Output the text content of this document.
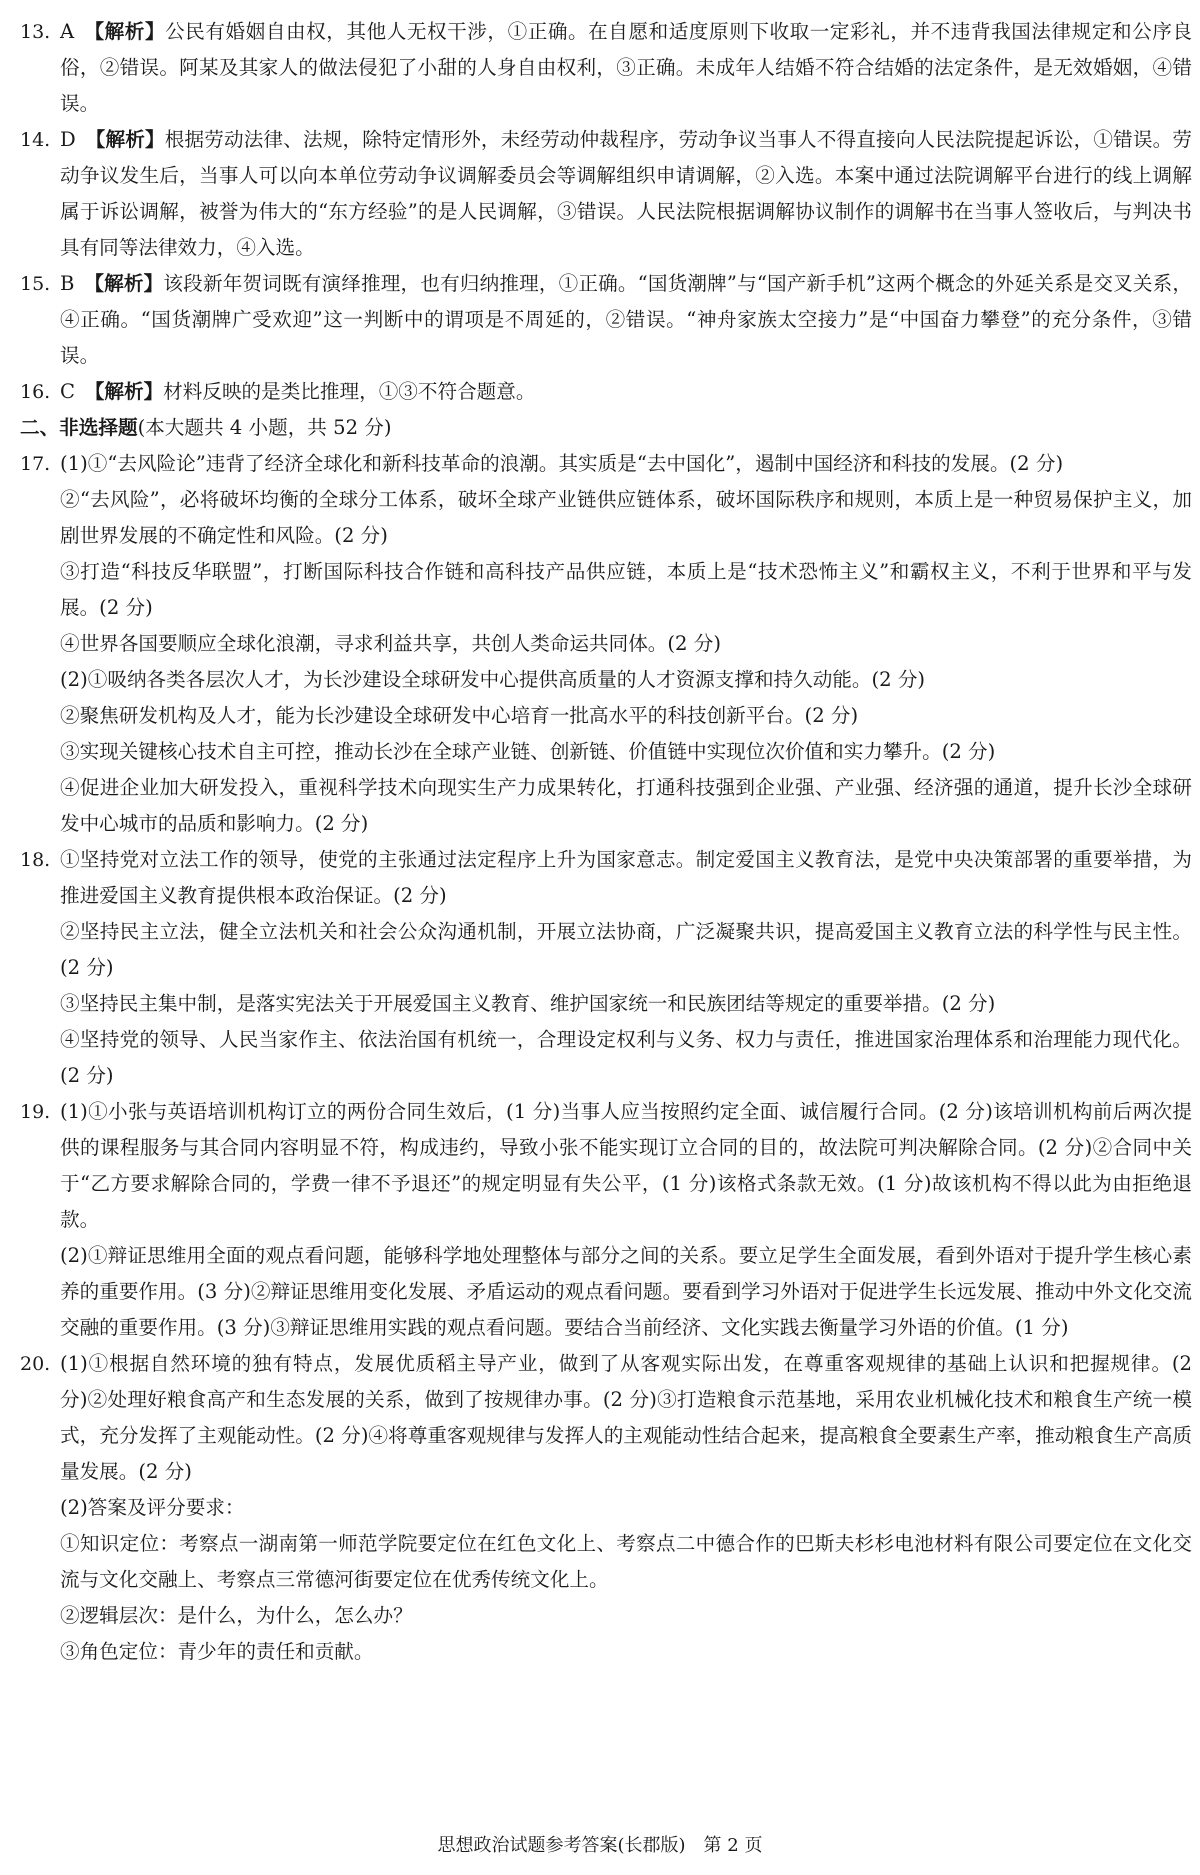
13. A  【解析】公民有婚姻自由权，其他人无权干涉，①正确。在自愿和适度原则下收取一定彩礼，并不违背我国法律规定和公序良俗，②错误。阿某及其家人的做法侵犯了小甜的人身自由权利，③正确。未成年人结婚不符合结婚的法定条件，是无效婚姻，④错误。

14. D  【解析】根据劳动法律、法规，除特定情形外，未经劳动仲裁程序，劳动争议当事人不得直接向人民法院提起诉讼，①错误。劳动争议发生后，当事人可以向本单位劳动争议调解委员会等调解组织申请调解，②入选。本案中通过法院调解平台进行的线上调解属于诉讼调解，被誉为伟大的“东方经验”的是人民调解，③错误。人民法院根据调解协议制作的调解书在当事人签收后，与判决书具有同等法律效力，④入选。

15. B  【解析】该段新年贺词既有演绎推理，也有归纳推理，①正确。“国货潮牌”与“国产新手机”这两个概念的外延关系是交叉关系，④正确。“国货潮牌广受欢迎”这一判断中的谓项是不周延的，②错误。“神舟家族太空接力”是“中国奋力攀登”的充分条件，③错误。

16. C  【解析】材料反映的是类比推理，①③不符合题意。

二、非选择题(本大题共 4 小题，共 52 分)
17. (1)①“去风险论”违背了经济全球化和新科技革命的浪潮。其实质是“去中国化”，遏制中国经济和科技的发展。(2 分)

②“去风险”，必将破坏均衡的全球分工体系，破坏全球产业链供应链体系，破坏国际秩序和规则，本质上是一种贸易保护主义，加剧世界发展的不确定性和风险。(2 分)

③打造“科技反华联盟”，打断国际科技合作链和高科技产品供应链，本质上是“技术恐怖主义”和霸权主义，不利于世界和平与发展。(2 分)

④世界各国要顺应全球化浪潮，寻求利益共享，共创人类命运共同体。(2 分)

(2)①吸纳各类各层次人才，为长沙建设全球研发中心提供高质量的人才资源支撑和持久动能。(2 分)

②聚焦研发机构及人才，能为长沙建设全球研发中心培育一批高水平的科技创新平台。(2 分)

③实现关键核心技术自主可控，推动长沙在全球产业链、创新链、价值链中实现位次价值和实力攀升。(2 分)

④促进企业加大研发投入，重视科学技术向现实生产力成果转化，打通科技强到企业强、产业强、经济强的通道，提升长沙全球研发中心城市的品质和影响力。(2 分)

18. ①坚持党对立法工作的领导，使党的主张通过法定程序上升为国家意志。制定爱国主义教育法，是党中央决策部署的重要举措，为推进爱国主义教育提供根本政治保证。(2 分)

②坚持民主立法，健全立法机关和社会公众沟通机制，开展立法协商，广泛凝聚共识，提高爱国主义教育立法的科学性与民主性。(2 分)

③坚持民主集中制，是落实宪法关于开展爱国主义教育、维护国家统一和民族团结等规定的重要举措。(2 分)

④坚持党的领导、人民当家作主、依法治国有机统一，合理设定权利与义务、权力与责任，推进国家治理体系和治理能力现代化。(2 分)

19. (1)①小张与英语培训机构订立的两份合同生效后，(1 分)当事人应当按照约定全面、诚信履行合同。(2 分)该培训机构前后两次提供的课程服务与其合同内容明显不符，构成违约，导致小张不能实现订立合同的目的，故法院可判决解除合同。(2 分)②合同中关于“乙方要求解除合同的，学费一律不予退还”的规定明显有失公平，(1 分)该格式条款无效。(1 分)故该机构不得以此为由拒绝退款。

(2)①辩证思维用全面的观点看问题，能够科学地处理整体与部分之间的关系。要立足学生全面发展，看到外语对于提升学生核心素养的重要作用。(3 分)②辩证思维用变化发展、矛盾运动的观点看问题。要看到学习外语对于促进学生长远发展、推动中外文化交流交融的重要作用。(3 分)③辩证思维用实践的观点看问题。要结合当前经济、文化实践去衡量学习外语的价值。(1 分)

20. (1)①根据自然环境的独有特点，发展优质稻主导产业，做到了从客观实际出发，在尊重客观规律的基础上认识和把握规律。(2 分)②处理好粮食高产和生态发展的关系，做到了按规律办事。(2 分)③打造粮食示范基地，采用农业机械化技术和粮食生产统一模式，充分发挥了主观能动性。(2 分)④将尊重客观规律与发挥人的主观能动性结合起来，提高粮食全要素生产率，推动粮食生产高质量发展。(2 分)

(2)答案及评分要求：

①知识定位：考察点一湖南第一师范学院要定位在红色文化上、考察点二中德合作的巴斯夫杉杉电池材料有限公司要定位在文化交流与文化交融上、考察点三常德河街要定位在优秀传统文化上。

②逻辑层次：是什么，为什么，怎么办？

③角色定位：青少年的责任和贡献。

思想政治试题参考答案(长郡版)　第 2 页
